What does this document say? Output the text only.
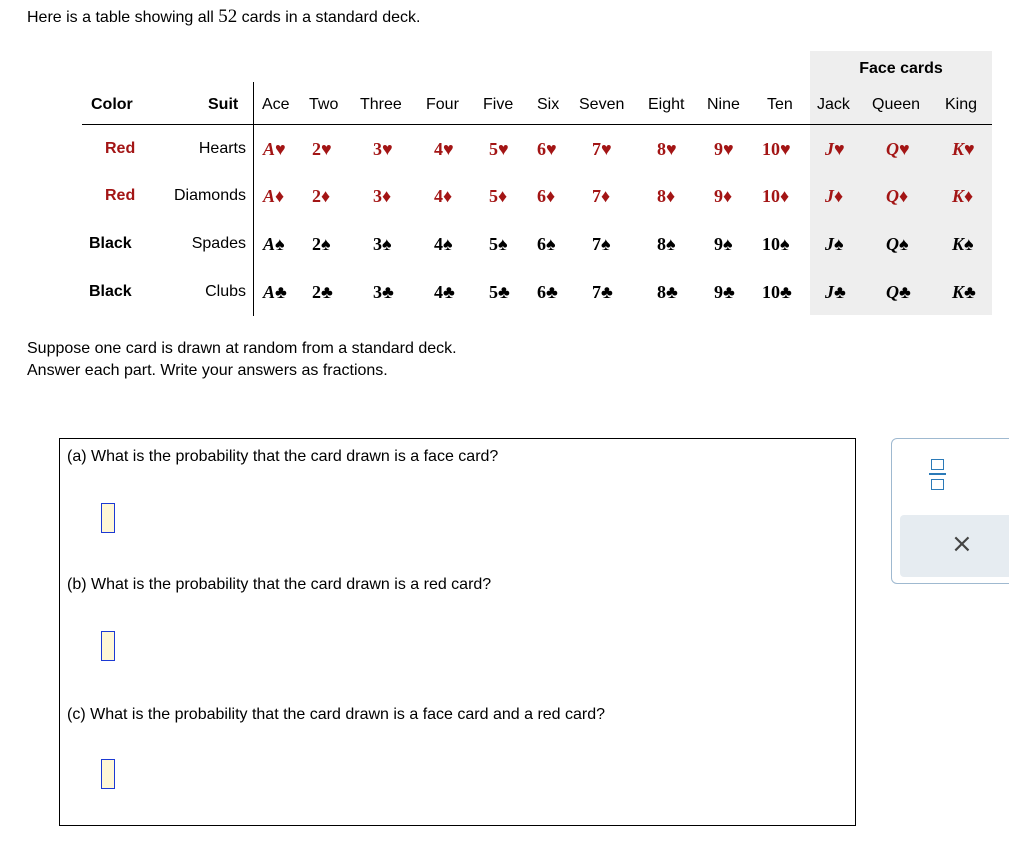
Here is a table showing all 52 cards in a standard deck.
Face cards
Color	Suit Ace Two Three Four Five Six Seven Eight Nine Ten Jack Queen King
Red	Hearts A♥ 2♥ 3♥ 4♥ 5♥ 6♥ 7♥	8♥ 9♥ 10♥ J♥ Q♥ K♥
Red	Diamonds A♦ 2♦ 3♦ 4♦ 5♦ 6♦ 7♦	8♦ 9♦ 10♦ J♦ Q♦ K♦
Black	Spades A♠ 2♠ 3♠ 4♠ 5♠ 6♠ 7♠	8♠ 9♠ 10♠ J♠ Q♠ K♠
Black	Clubs A♣ 2♣ 3♣ 4♣ 5♣ 6♣ 7♣ 8♣ 9♣ 10♣ J♣ Q♣ K♣
Suppose one card is drawn at random from a standard deck.
Answer each part. Write your answers as fractions.
(a) What is the probability that the card drawn is a face card?
(b) What is the probability that the card drawn is a red card?
(c) What is the probability that the card drawn is a face card and a red card?
×
